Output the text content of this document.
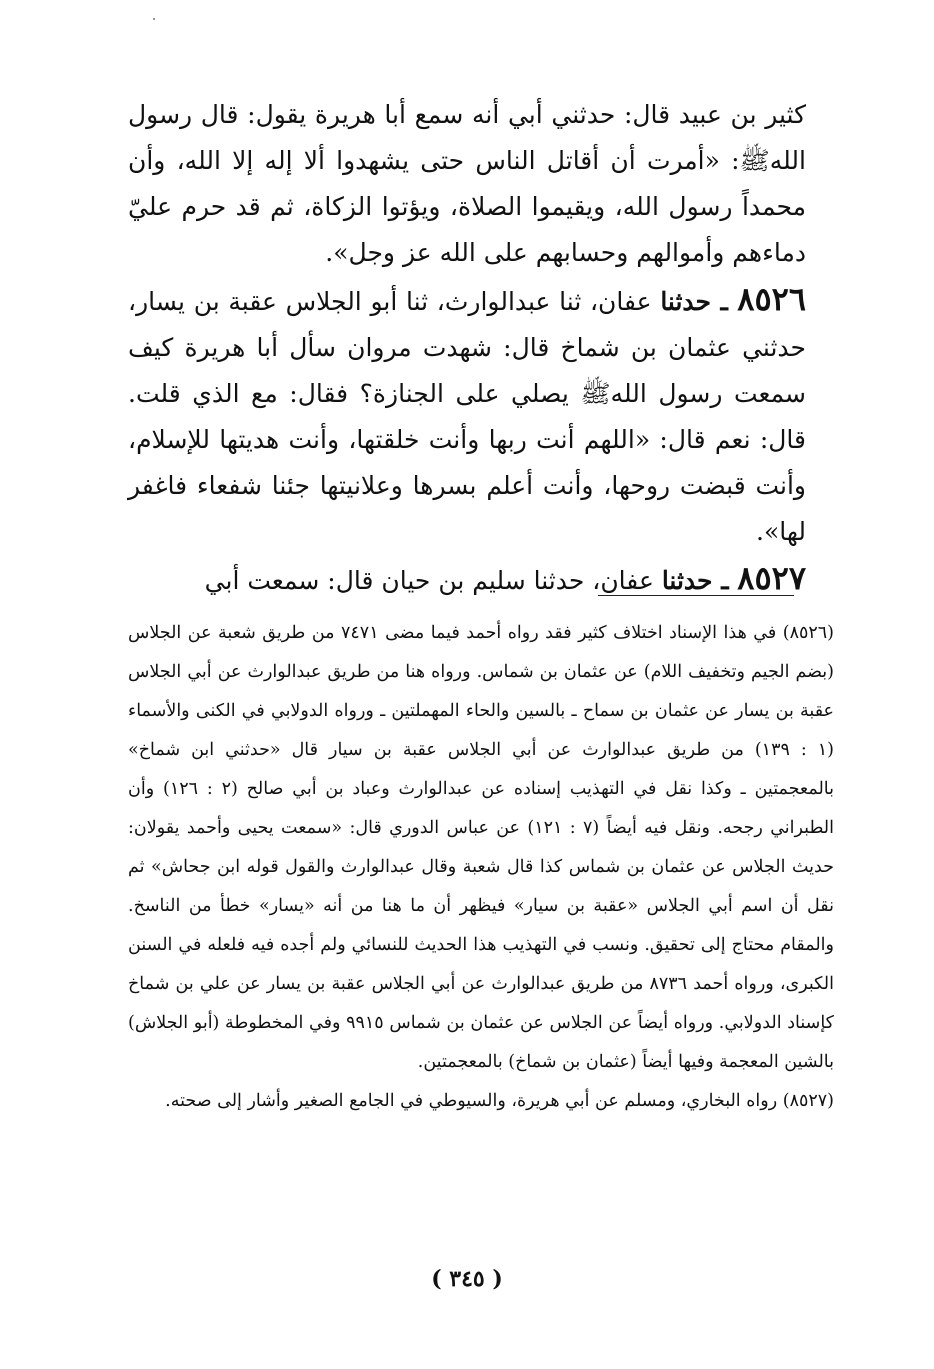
كثير بن عبيد قال: حدثني أبي أنه سمع أبا هريرة يقول: قال رسول اللهﷺ: «أمرت أن أقاتل الناس حتى يشهدوا ألا إله إلا الله، وأن محمداً رسول الله، ويقيموا الصلاة، ويؤتوا الزكاة، ثم قد حرم عليّ دماءهم وأموالهم وحسابهم على الله عز وجل».

٨٥٢٦ ـ حدثنا عفان، ثنا عبدالوارث، ثنا أبو الجلاس عقبة بن يسار، حدثني عثمان بن شماخ قال: شهدت مروان سأل أبا هريرة كيف سمعت رسول اللهﷺ يصلي على الجنازة؟ فقال: مع الذي قلت. قال: نعم قال: «اللهم أنت ربها وأنت خلقتها، وأنت هديتها للإسلام، وأنت قبضت روحها، وأنت أعلم بسرها وعلانيتها جئنا شفعاء فاغفر لها».

٨٥٢٧ ـ حدثنا عفان، حدثنا سليم بن حيان قال: سمعت أبي

(٨٥٢٦) في هذا الإسناد اختلاف كثير فقد رواه أحمد فيما مضى ٧٤٧١ من طريق شعبة عن الجلاس (بضم الجيم وتخفيف اللام) عن عثمان بن شماس. ورواه هنا من طريق عبدالوارث عن أبي الجلاس عقبة بن يسار عن عثمان بن سماح ـ بالسين والحاء المهملتين ـ ورواه الدولابي في الكنى والأسماء (١ : ١٣٩) من طريق عبدالوارث عن أبي الجلاس عقبة بن سيار قال «حدثني ابن شماخ» بالمعجمتين ـ وكذا نقل في التهذيب إسناده عن عبدالوارث وعباد بن أبي صالح (٢ : ١٢٦) وأن الطبراني رجحه. ونقل فيه أيضاً (٧ : ١٢١) عن عباس الدوري قال: «سمعت يحيى وأحمد يقولان: حديث الجلاس عن عثمان بن شماس كذا قال شعبة وقال عبدالوارث والقول قوله ابن جحاش» ثم نقل أن اسم أبي الجلاس «عقبة بن سيار» فيظهر أن ما هنا من أنه «يسار» خطأ من الناسخ. والمقام محتاج إلى تحقيق. ونسب في التهذيب هذا الحديث للنسائي ولم أجده فيه فلعله في السنن الكبرى، ورواه أحمد ٨٧٣٦ من طريق عبدالوارث عن أبي الجلاس عقبة بن يسار عن علي بن شماخ كإسناد الدولابي. ورواه أيضاً عن الجلاس عن عثمان بن شماس ٩٩١٥ وفي المخطوطة (أبو الجلاش) بالشين المعجمة وفيها أيضاً (عثمان بن شماخ) بالمعجمتين.

(٨٥٢٧) رواه البخاري، ومسلم عن أبي هريرة، والسيوطي في الجامع الصغير وأشار إلى صحته.

( ٣٤٥ )
